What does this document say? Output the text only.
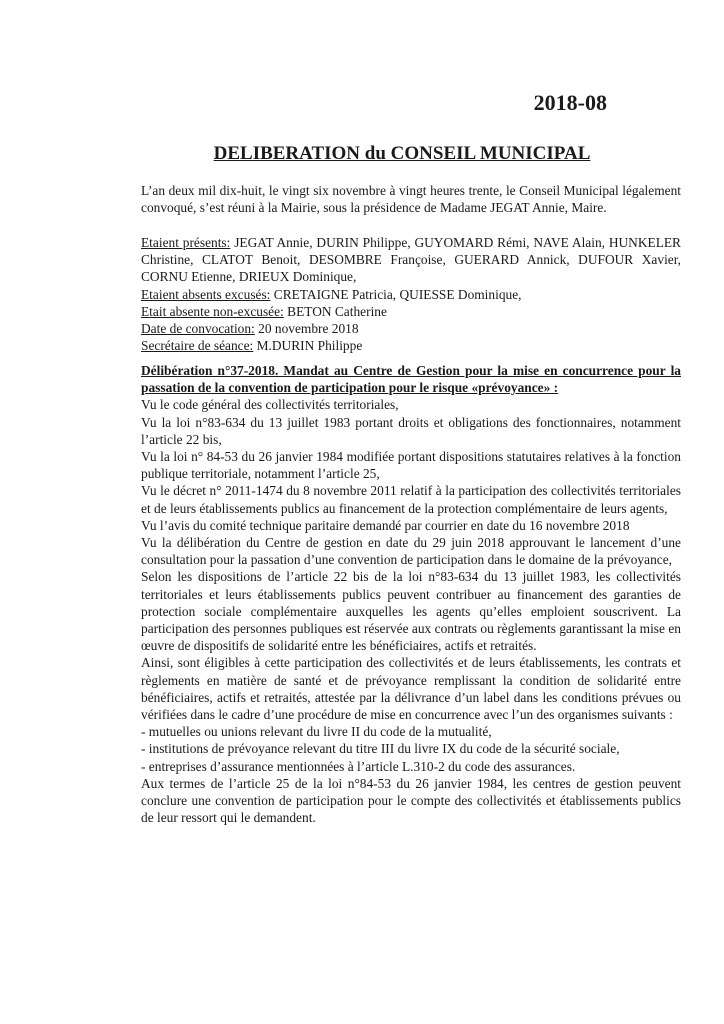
2018-08
DELIBERATION du CONSEIL MUNICIPAL

L’an deux mil dix-huit, le vingt six novembre à vingt heures trente, le Conseil Municipal légalement convoqué, s’est réuni à la Mairie, sous la présidence de Madame JEGAT Annie, Maire.

Etaient présents: JEGAT Annie, DURIN Philippe, GUYOMARD Rémi, NAVE Alain, HUNKELER Christine, CLATOT Benoit, DESOMBRE Françoise, GUERARD Annick, DUFOUR Xavier, CORNU Etienne, DRIEUX Dominique,

Etaient absents excusés: CRETAIGNE Patricia, QUIESSE Dominique,

Etait absente non-excusée: BETON Catherine

Date de convocation: 20 novembre 2018

Secrétaire de séance: M.DURIN Philippe

Délibération n°37-2018. Mandat au Centre de Gestion pour la mise en concurrence pour la passation de la convention de participation pour le risque «prévoyance» :

Vu le code général des collectivités territoriales,

Vu la loi n°83-634 du 13 juillet 1983 portant droits et obligations des fonctionnaires, notamment l’article 22 bis,

Vu la loi n° 84-53 du 26 janvier 1984 modifiée portant dispositions statutaires relatives à la fonction publique territoriale, notamment l’article 25,

Vu le décret n° 2011-1474 du 8 novembre 2011 relatif à la participation des collectivités territoriales et de leurs établissements publics au financement de la protection complémentaire de leurs agents,

Vu l’avis du comité technique paritaire demandé par courrier en date du 16 novembre 2018

Vu la délibération du Centre de gestion en date du 29 juin 2018 approuvant le lancement d’une consultation pour la passation d’une convention de participation dans le domaine de la prévoyance,

Selon les dispositions de l’article 22 bis de la loi n°83-634 du 13 juillet 1983, les collectivités territoriales et leurs établissements publics peuvent contribuer au financement des garanties de protection sociale complémentaire auxquelles les agents qu’elles emploient souscrivent. La participation des personnes publiques est réservée aux contrats ou règlements garantissant la mise en œuvre de dispositifs de solidarité entre les bénéficiaires, actifs et retraités.

Ainsi, sont éligibles à cette participation des collectivités et de leurs établissements, les contrats et règlements en matière de santé et de prévoyance remplissant la condition de solidarité entre bénéficiaires, actifs et retraités, attestée par la délivrance d’un label dans les conditions prévues ou vérifiées dans le cadre d’une procédure de mise en concurrence avec l’un des organismes suivants :

- mutuelles ou unions relevant du livre II du code de la mutualité,

- institutions de prévoyance relevant du titre III du livre IX du code de la sécurité sociale,

- entreprises d’assurance mentionnées à l’article L.310-2 du code des assurances.

Aux termes de l’article 25 de la loi n°84-53 du 26 janvier 1984, les centres de gestion peuvent conclure une convention de participation pour le compte des collectivités et établissements publics de leur ressort qui le demandent.
